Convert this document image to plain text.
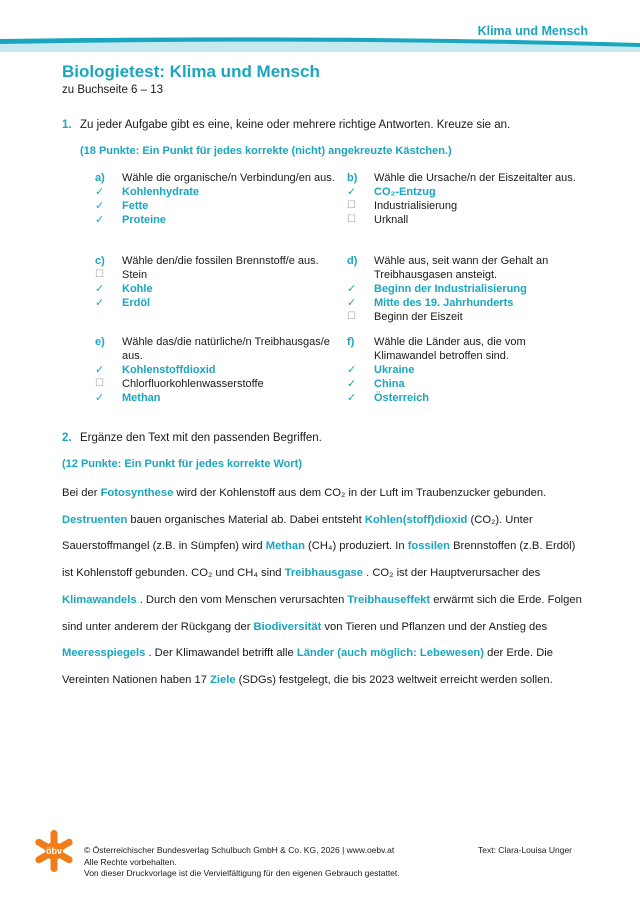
Klima und Mensch
Biologietest: Klima und Mensch
zu Buchseite 6 – 13
1. Zu jeder Aufgabe gibt es eine, keine oder mehrere richtige Antworten. Kreuze sie an.
(18 Punkte: Ein Punkt für jedes korrekte (nicht) angekreuzte Kästchen.)
a) Wähle die organische/n Verbindung/en aus.
✓	Kohlenhydrate
✓	Fette
✓	Proteine
b) Wähle die Ursache/n der Eiszeitalter aus.
✓	CO₂-Entzug
☐	Industrialisierung
☐	Urknall
c) Wähle den/die fossilen Brennstoff/e aus.
☐	Stein
✓	Kohle
✓	Erdöl
d) Wähle aus, seit wann der Gehalt an Treibhausgasen ansteigt.
✓	Beginn der Industrialisierung
✓	Mitte des 19. Jahrhunderts
☐	Beginn der Eiszeit
e) Wähle das/die natürliche/n Treibhausgas/e aus.
✓	Kohlenstoffdioxid
☐	Chlorfluorkohlenwasserstoffe
✓	Methan
f) Wähle die Länder aus, die vom Klimawandel betroffen sind.
✓	Ukraine
✓	China
✓	Österreich
2. Ergänze den Text mit den passenden Begriffen.
(12 Punkte: Ein Punkt für jedes korrekte Wort)
Bei der Fotosynthese wird der Kohlenstoff aus dem CO₂ in der Luft im Traubenzucker gebunden. Destruenten bauen organisches Material ab. Dabei entsteht Kohlen(stoff)dioxid (CO₂). Unter Sauerstoffmangel (z.B. in Sümpfen) wird Methan (CH₄) produziert. In fossilen Brennstoffen (z.B. Erdöl) ist Kohlenstoff gebunden. CO₂ und CH₄ sind Treibhausgase . CO₂ ist der Hauptverursacher des Klimawandels . Durch den vom Menschen verursachten Treibhauseffekt erwärmt sich die Erde. Folgen sind unter anderem der Rückgang der Biodiversität von Tieren und Pflanzen und der Anstieg des Meeresspiegels . Der Klimawandel betrifft alle Länder (auch möglich: Lebewesen) der Erde. Die Vereinten Nationen haben 17 Ziele (SDGs) festgelegt, die bis 2023 weltweit erreicht werden sollen.
öbv	© Österreichischer Bundesverlag Schulbuch GmbH & Co. KG, 2026 | www.oebv.at
Alle Rechte vorbehalten.
Von dieser Druckvorlage ist die Vervielfältigung für den eigenen Gebrauch gestattet.
Text: Clara-Louisa Unger
